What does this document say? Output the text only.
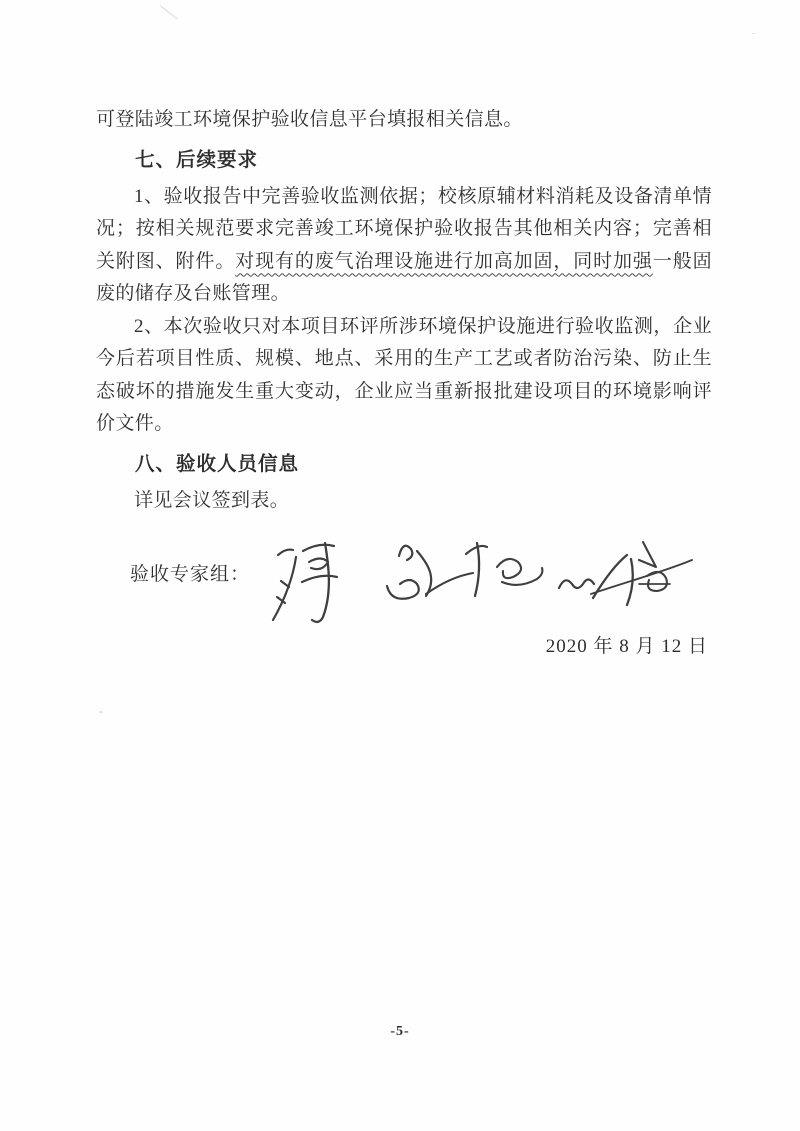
可登陆竣工环境保护验收信息平台填报相关信息。

七、后续要求

1、验收报告中完善验收监测依据；校核原辅材料消耗及设备清单情况；按相关规范要求完善竣工环境保护验收报告其他相关内容；完善相关附图、附件。对现有的废气治理设施进行加高加固，同时加强一般固废的储存及台账管理。

2、本次验收只对本项目环评所涉环境保护设施进行验收监测，企业今后若项目性质、规模、地点、采用的生产工艺或者防治污染、防止生态破坏的措施发生重大变动，企业应当重新报批建设项目的环境影响评价文件。

八、验收人员信息

详见会议签到表。

验收专家组：

2020 年 8 月 12 日

-5-
